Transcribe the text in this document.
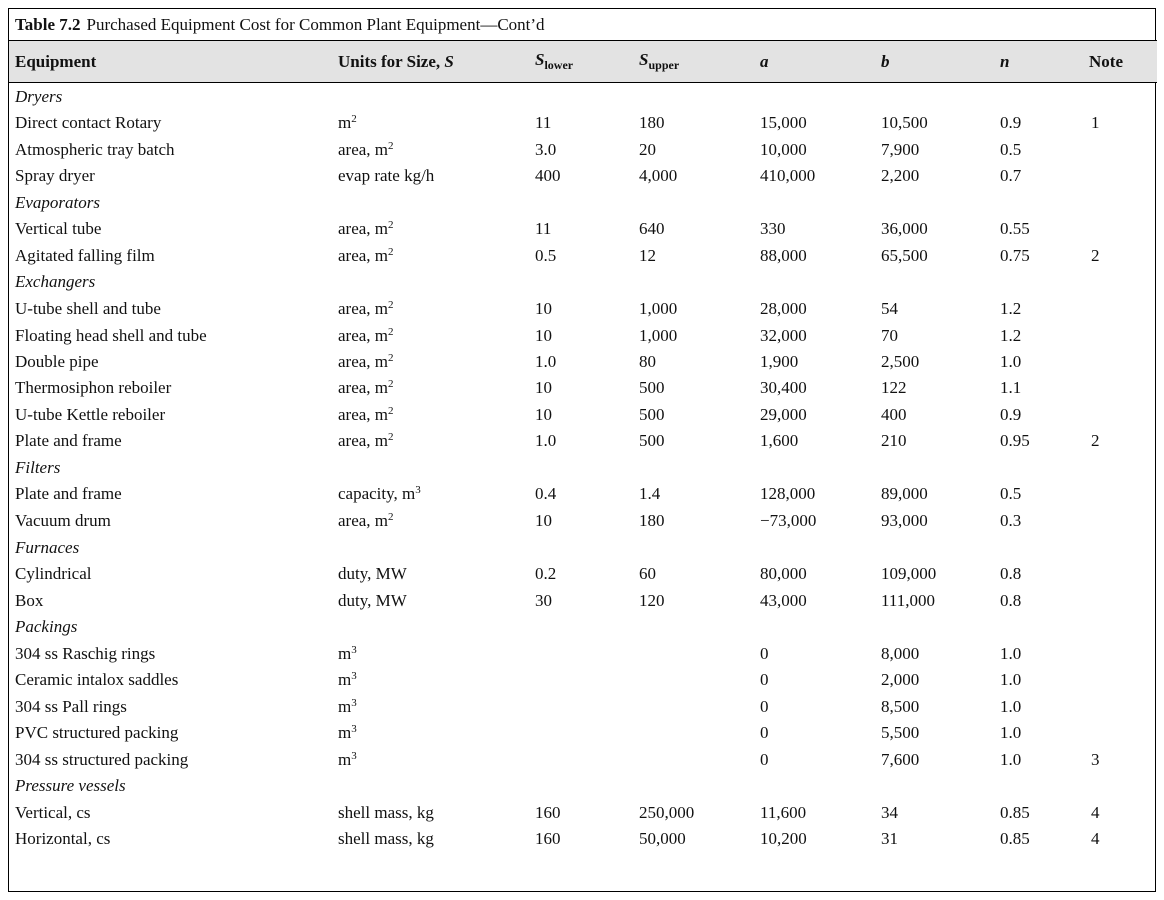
Table 7.2 Purchased Equipment Cost for Common Plant Equipment—Cont’d
Equipment	Units for Size, S	$S_{lower}$	$S_{upper}$	a	b	n	Note
Dryers							
Direct contact Rotary	$m^2$	11	180	15,000	10,500	0.9	1
Atmospheric tray batch	area, $m^2$	3.0	20	10,000	7,900	0.5	
Spray dryer	evap rate kg/h	400	4,000	410,000	2,200	0.7	
Evaporators							
Vertical tube	area, $m^2$	11	640	330	36,000	0.55	
Agitated falling film	area, $m^2$	0.5	12	88,000	65,500	0.75	2
Exchangers							
U-tube shell and tube	area, $m^2$	10	1,000	28,000	54	1.2	
Floating head shell and tube	area, $m^2$	10	1,000	32,000	70	1.2	
Double pipe	area, $m^2$	1.0	80	1,900	2,500	1.0	
Thermosiphon reboiler	area, $m^2$	10	500	30,400	122	1.1	
U-tube Kettle reboiler	area, $m^2$	10	500	29,000	400	0.9	
Plate and frame	area, $m^2$	1.0	500	1,600	210	0.95	2
Filters							
Plate and frame	capacity, $m^3$	0.4	1.4	128,000	89,000	0.5	
Vacuum drum	area, $m^2$	10	180	−73,000	93,000	0.3	
Furnaces							
Cylindrical	duty, MW	0.2	60	80,000	109,000	0.8	
Box	duty, MW	30	120	43,000	111,000	0.8	
Packings							
304 ss Raschig rings	$m^3$			0	8,000	1.0	
Ceramic intalox saddles	$m^3$			0	2,000	1.0	
304 ss Pall rings	$m^3$			0	8,500	1.0	
PVC structured packing	$m^3$			0	5,500	1.0	
304 ss structured packing	$m^3$			0	7,600	1.0	3
Pressure vessels							
Vertical, cs	shell mass, kg	160	250,000	11,600	34	0.85	4
Horizontal, cs	shell mass, kg	160	50,000	10,200	31	0.85	4
